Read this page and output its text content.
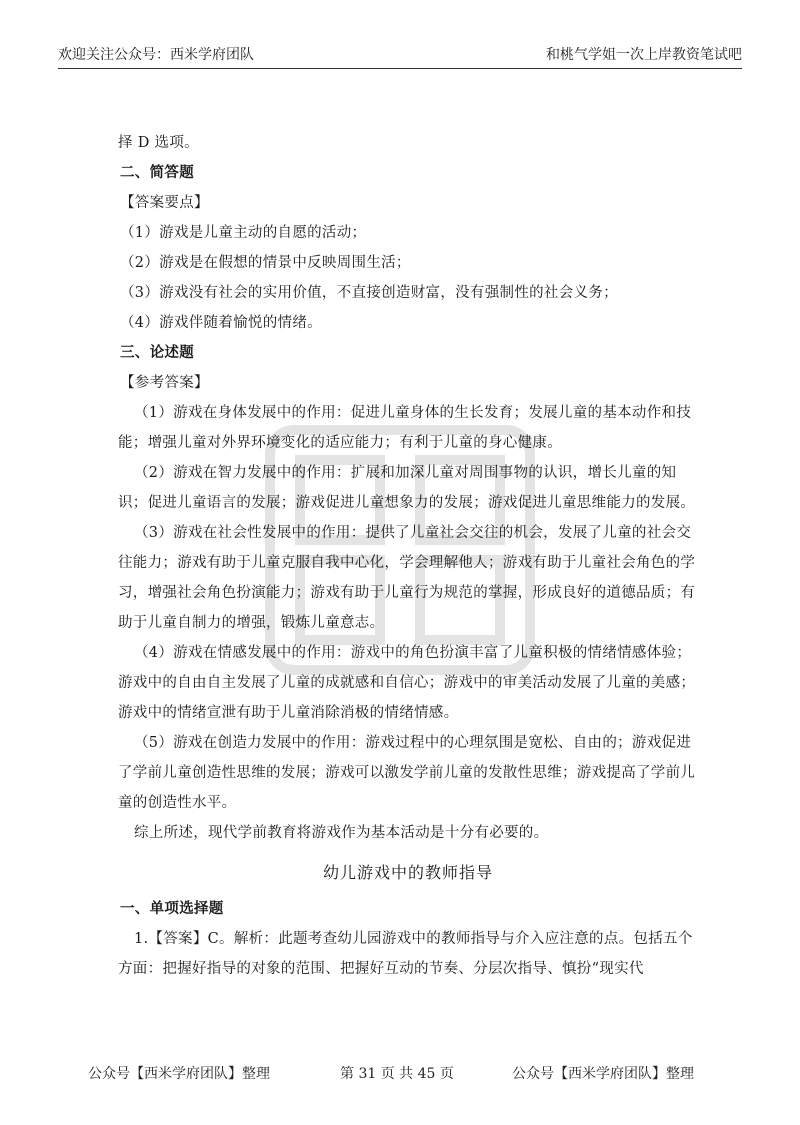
欢迎关注公众号：西米学府团队	和桃气学姐一次上岸教资笔试吧

择 D 选项。

二、简答题

【答案要点】

（1）游戏是儿童主动的自愿的活动；

（2）游戏是在假想的情景中反映周围生活；

（3）游戏没有社会的实用价值，不直接创造财富，没有强制性的社会义务；

（4）游戏伴随着愉悦的情绪。

三、论述题

【参考答案】

（1）游戏在身体发展中的作用：促进儿童身体的生长发育；发展儿童的基本动作和技能；增强儿童对外界环境变化的适应能力；有利于儿童的身心健康。

（2）游戏在智力发展中的作用：扩展和加深儿童对周围事物的认识，增长儿童的知识；促进儿童语言的发展；游戏促进儿童想象力的发展；游戏促进儿童思维能力的发展。

（3）游戏在社会性发展中的作用：提供了儿童社会交往的机会，发展了儿童的社会交往能力；游戏有助于儿童克服自我中心化，学会理解他人；游戏有助于儿童社会角色的学习，增强社会角色扮演能力；游戏有助于儿童行为规范的掌握，形成良好的道德品质；有助于儿童自制力的增强，锻炼儿童意志。

（4）游戏在情感发展中的作用：游戏中的角色扮演丰富了儿童积极的情绪情感体验；游戏中的自由自主发展了儿童的成就感和自信心；游戏中的审美活动发展了儿童的美感；游戏中的情绪宣泄有助于儿童消除消极的情绪情感。

（5）游戏在创造力发展中的作用：游戏过程中的心理氛围是宽松、自由的；游戏促进了学前儿童创造性思维的发展；游戏可以激发学前儿童的发散性思维；游戏提高了学前儿童的创造性水平。

综上所述，现代学前教育将游戏作为基本活动是十分有必要的。

幼儿游戏中的教师指导

一、单项选择题

1.【答案】C。解析：此题考查幼儿园游戏中的教师指导与介入应注意的点。包括五个方面：把握好指导的对象的范围、把握好互动的节奏、分层次指导、慎扮“现实代

公众号【西米学府团队】整理	第 31 页 共 45 页	公众号【西米学府团队】整理
